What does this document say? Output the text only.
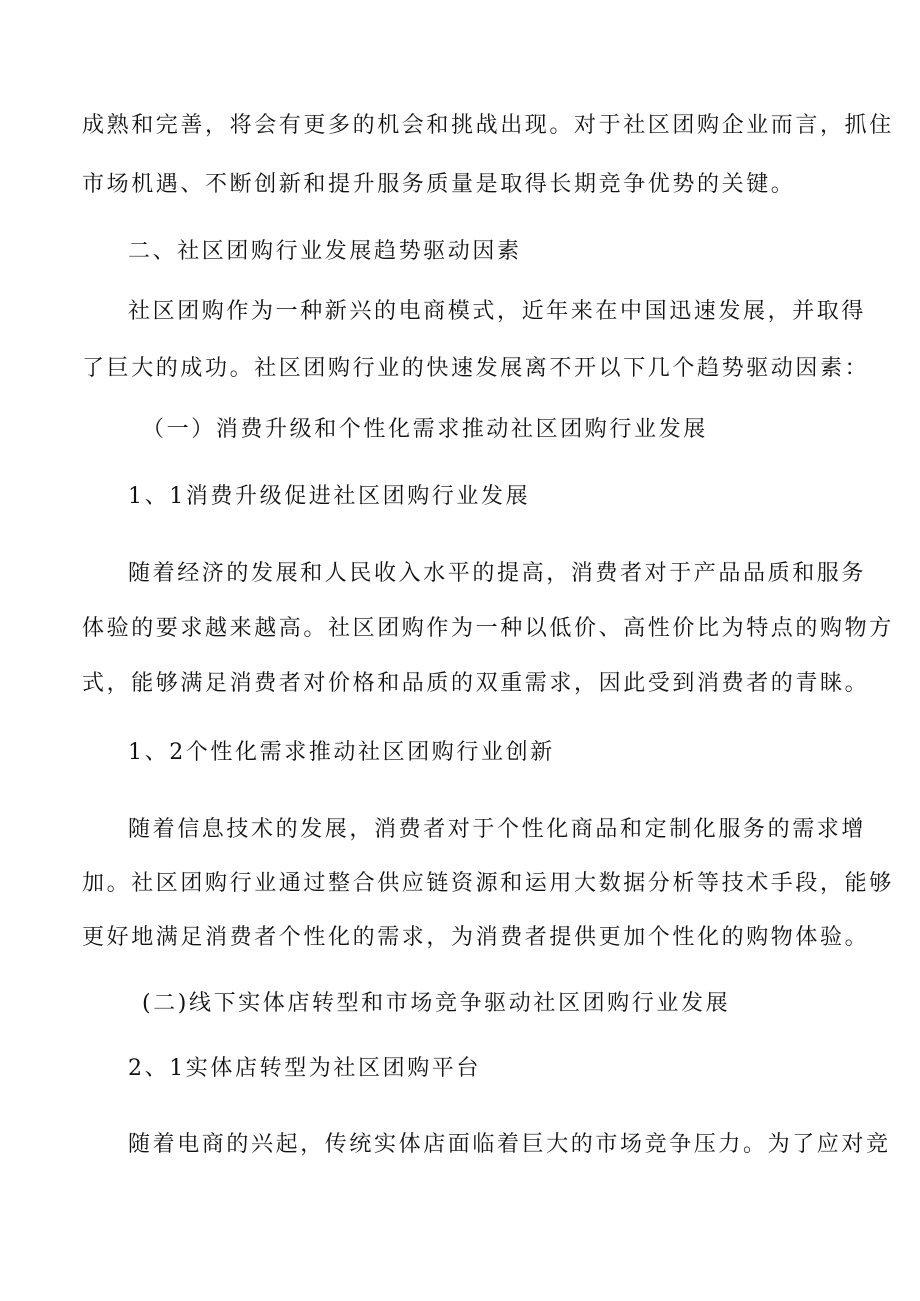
成熟和完善，将会有更多的机会和挑战出现。对于社区团购企业而言，抓住
市场机遇、不断创新和提升服务质量是取得长期竞争优势的关键。
二、社区团购行业发展趋势驱动因素
社区团购作为一种新兴的电商模式，近年来在中国迅速发展，并取得
了巨大的成功。社区团购行业的快速发展离不开以下几个趋势驱动因素：
（一）消费升级和个性化需求推动社区团购行业发展
1、1消费升级促进社区团购行业发展
随着经济的发展和人民收入水平的提高，消费者对于产品品质和服务
体验的要求越来越高。社区团购作为一种以低价、高性价比为特点的购物方
式，能够满足消费者对价格和品质的双重需求，因此受到消费者的青睐。
1、2个性化需求推动社区团购行业创新
随着信息技术的发展，消费者对于个性化商品和定制化服务的需求增
加。社区团购行业通过整合供应链资源和运用大数据分析等技术手段，能够
更好地满足消费者个性化的需求，为消费者提供更加个性化的购物体验。
(二)线下实体店转型和市场竞争驱动社区团购行业发展
2、1实体店转型为社区团购平台
随着电商的兴起，传统实体店面临着巨大的市场竞争压力。为了应对竞
